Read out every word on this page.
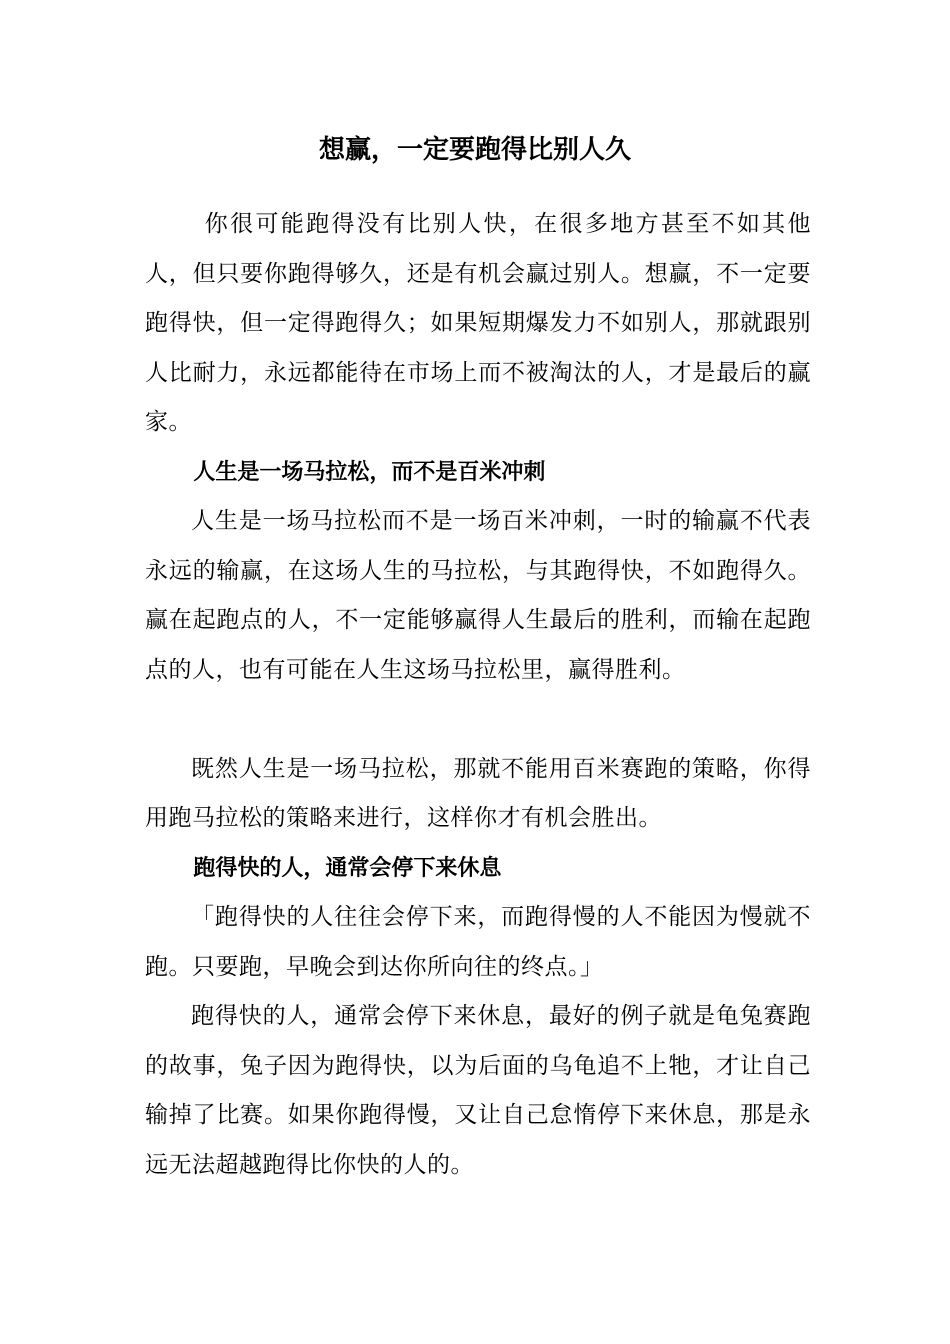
想赢，一定要跑得比别人久

你很可能跑得没有比别人快，在很多地方甚至不如其他人，但只要你跑得够久，还是有机会赢过别人。想赢，不一定要跑得快，但一定得跑得久；如果短期爆发力不如别人，那就跟别人比耐力，永远都能待在市场上而不被淘汰的人，才是最后的赢家。

人生是一场马拉松，而不是百米冲刺

人生是一场马拉松而不是一场百米冲刺，一时的输赢不代表永远的输赢，在这场人生的马拉松，与其跑得快，不如跑得久。赢在起跑点的人，不一定能够赢得人生最后的胜利，而输在起跑点的人，也有可能在人生这场马拉松里，赢得胜利。

既然人生是一场马拉松，那就不能用百米赛跑的策略，你得用跑马拉松的策略来进行，这样你才有机会胜出。

跑得快的人，通常会停下来休息

「跑得快的人往往会停下来，而跑得慢的人不能因为慢就不跑。只要跑，早晚会到达你所向往的终点。」

跑得快的人，通常会停下来休息，最好的例子就是龟兔赛跑的故事，兔子因为跑得快，以为后面的乌龟追不上牠，才让自己输掉了比赛。如果你跑得慢，又让自己怠惰停下来休息，那是永远无法超越跑得比你快的人的。
